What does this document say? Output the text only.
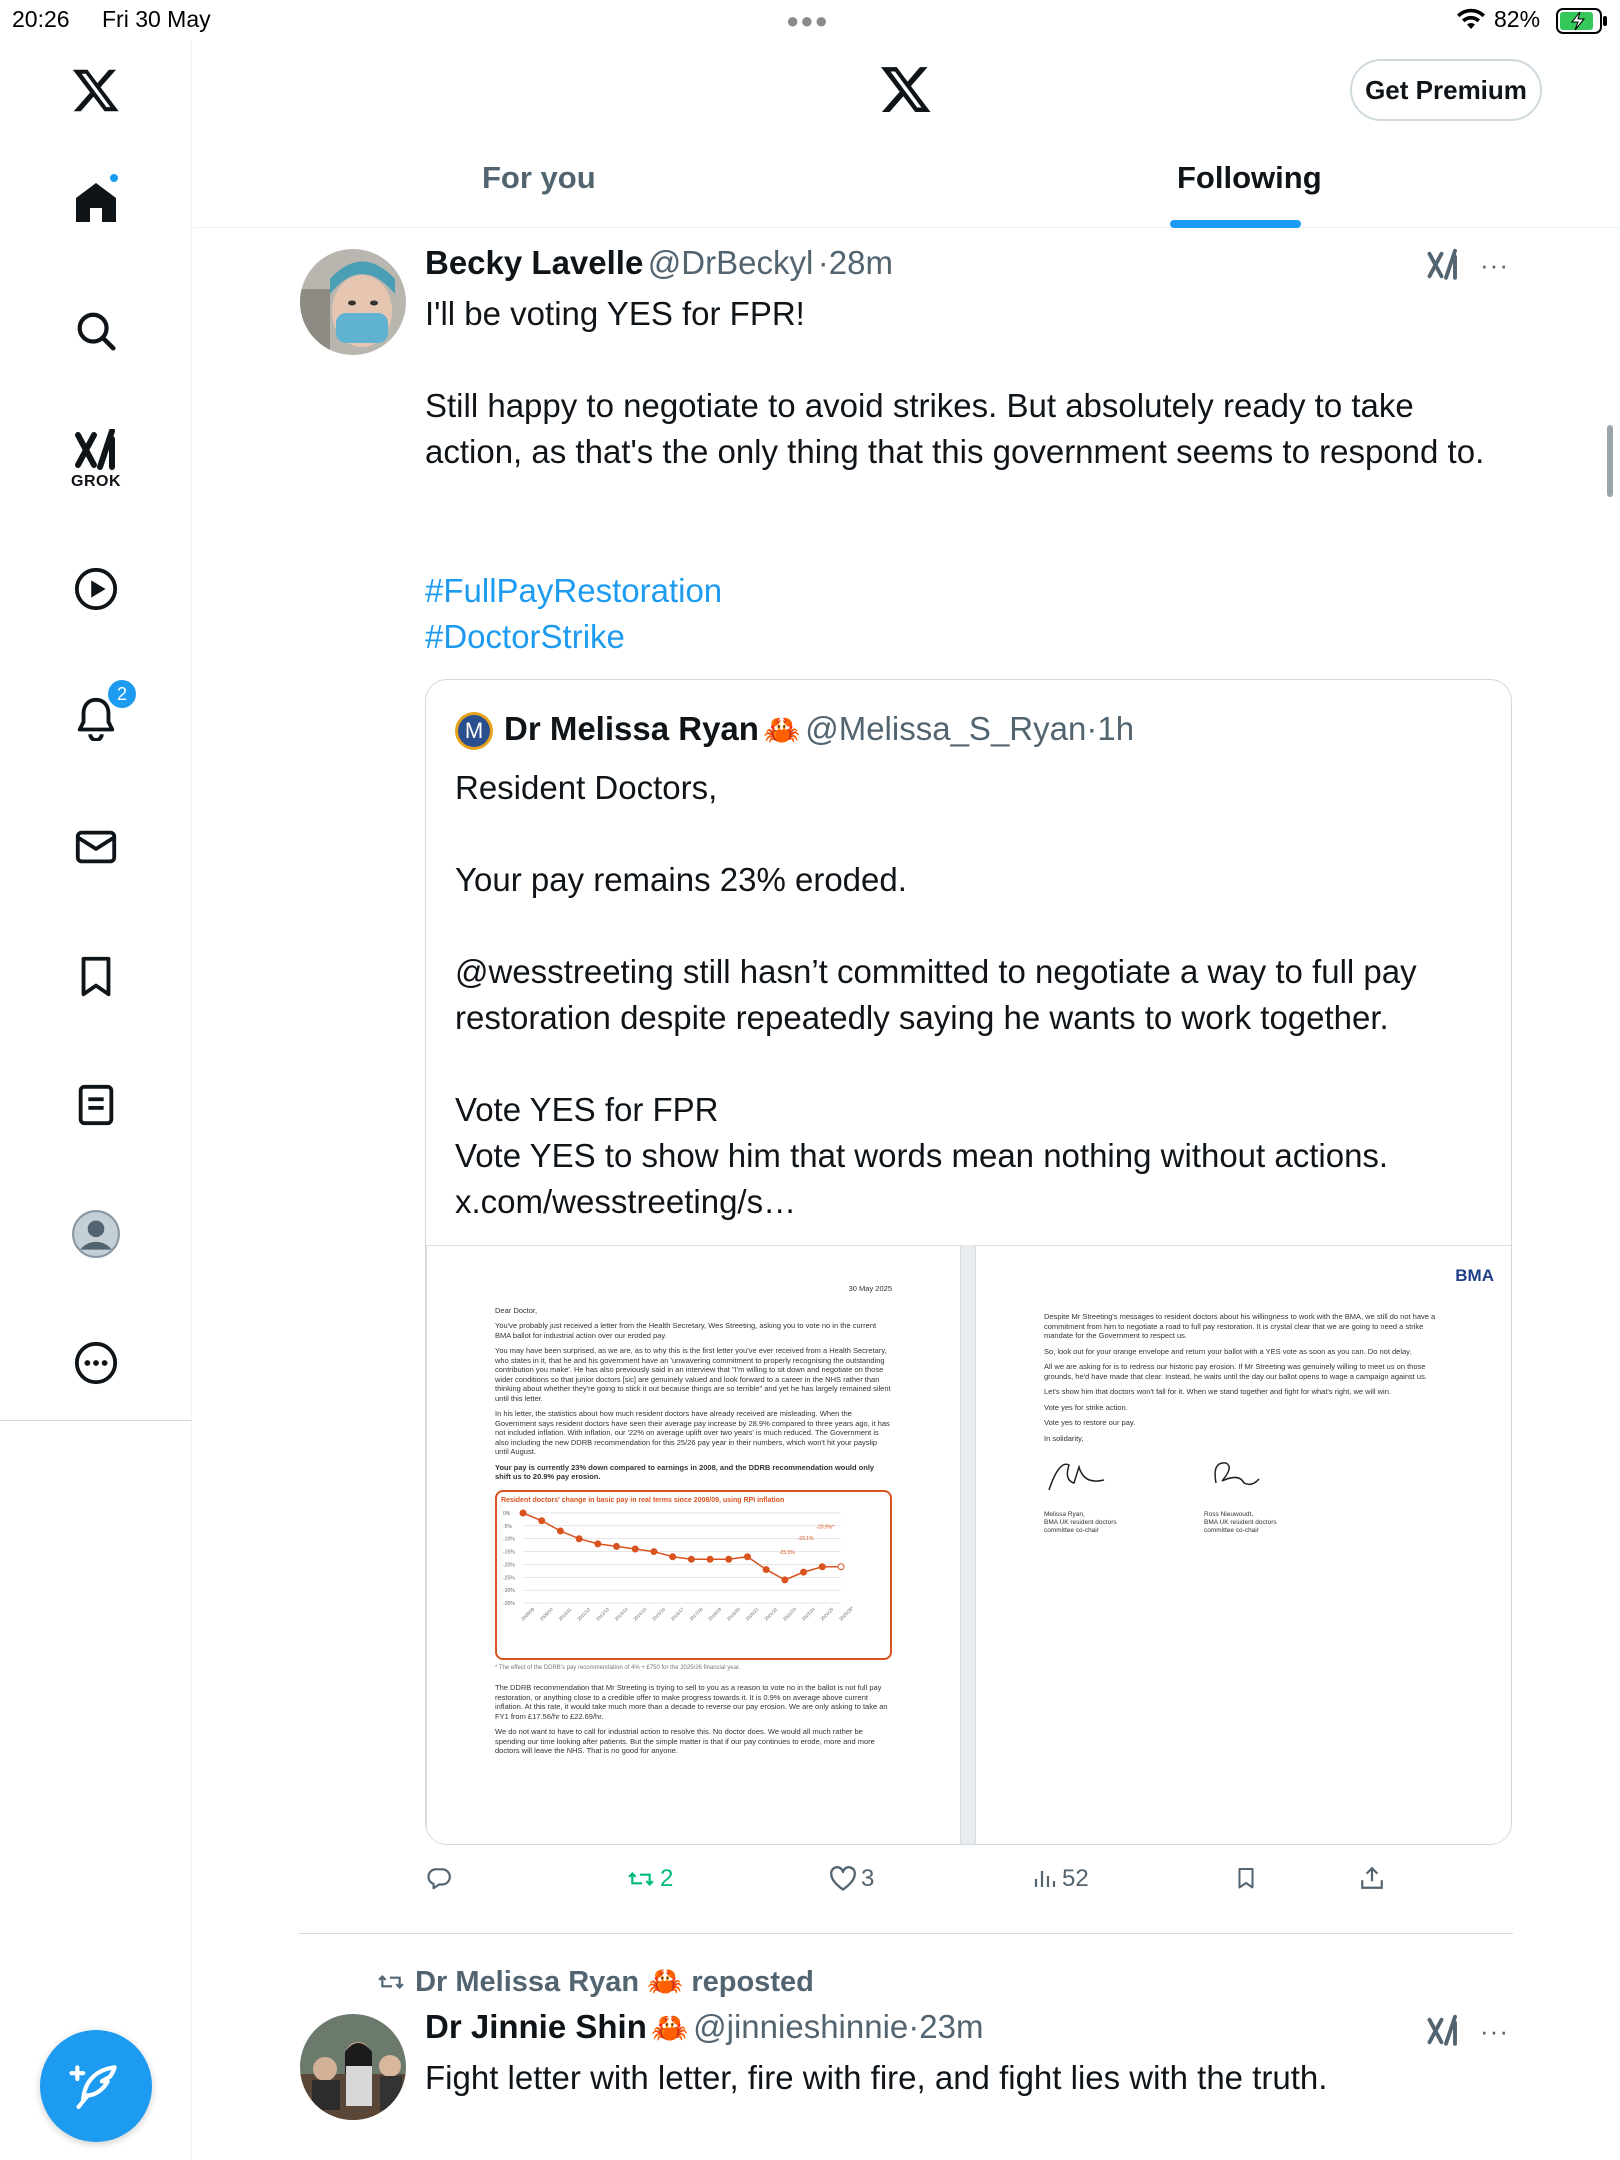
20:26 Fri 30 May	●●●	82%
GROK
2
Get Premium
For you	Following
Becky Lavelle @DrBeckyl ·28m	···
I'll be voting YES for FPR!

Still happy to negotiate to avoid strikes. But absolutely ready to take action, as that's the only thing that this government seems to respond to.
#FullPayRestoration
#DoctorStrike
M Dr Melissa Ryan 🦀 @Melissa_S_Ryan·1h
Resident Doctors,

Your pay remains 23% eroded.

@wesstreeting still hasn’t committed to negotiate a way to full pay restoration despite repeatedly saying he wants to work together.

Vote YES for FPR
Vote YES to show him that words mean nothing without actions.
x.com/wesstreeting/s…
30 May 2025
Dear Doctor,
You've probably just received a letter from the Health Secretary, Wes Streeting, asking you to vote no in the current BMA ballot for industrial action over our eroded pay.
You may have been surprised, as we are, as to why this is the first letter you've ever received from a Health Secretary, who states in it, that he and his government have an 'unwavering commitment to properly recognising the outstanding contribution you make'. He has also previously said in an interview that "I'm willing to sit down and negotiate on those wider conditions so that junior doctors [sic] are genuinely valued and look forward to a career in the NHS rather than thinking about whether they're going to stick it out because things are so terrible" and yet he has largely remained silent until this letter.
In his letter, the statistics about how much resident doctors have already received are misleading. When the Government says resident doctors have seen their average pay increase by 28.9% compared to three years ago, it has not included inflation. With inflation, our '22% on average uplift over two years' is much reduced. The Government is also including the new DDRB recommendation for this 25/26 pay year in their numbers, which won't hit your payslip until August.
Your pay is currently 23% down compared to earnings in 2008, and the DDRB recommendation would only shift us to 20.9% pay erosion.
Resident doctors' change in basic pay in real terms since 2008/09, using RPI inflation
0%
-5%
-10%
-15%
-20%
-25%
-30%
-35%
2008/09 2009/10 2010/11 2011/12 2012/13 2013/14 2014/15 2015/16 2016/17 2017/18 2018/19 2019/20 2020/21 2021/22 2022/23 2023/24 2024/25 2025/26*
-20.9%*
-23.1%
-25.5%
* The effect of the DDRB's pay recommendation of 4% + £750 for the 2025/26 financial year.
The DDRB recommendation that Mr Streeting is trying to sell to you as a reason to vote no in the ballot is not full pay restoration, or anything close to a credible offer to make progress towards it. It is 0.9% on average above current inflation. At this rate, it would take much more than a decade to reverse our pay erosion. We are only asking to take an FY1 from £17.56/hr to £22.69/hr.
We do not want to have to call for industrial action to resolve this. No doctor does. We would all much rather be spending our time looking after patients. But the simple matter is that if our pay continues to erode, more and more doctors will leave the NHS. That is no good for anyone.
BMA
Despite Mr Streeting's messages to resident doctors about his willingness to work with the BMA, we still do not have a commitment from him to negotiate a road to full pay restoration. It is crystal clear that we are going to need a strike mandate for the Government to respect us.
So, look out for your orange envelope and return your ballot with a YES vote as soon as you can. Do not delay.
All we are asking for is to redress our historic pay erosion. If Mr Streeting was genuinely willing to meet us on those grounds, he'd have made that clear. Instead, he waits until the day our ballot opens to wage a campaign against us.
Let's show him that doctors won't fall for it. When we stand together and fight for what's right, we will win.
Vote yes for strike action.
Vote yes to restore our pay.
In solidarity,
Melissa Ryan,
BMA UK resident doctors
committee co-chair
Ross Nieuwoudt,
BMA UK resident doctors
committee co-chair
2	3	52
Dr Melissa Ryan 🦀 reposted
Dr Jinnie Shin 🦀 @jinnieshinnie·23m	···
Fight letter with letter, fire with fire, and fight lies with the truth.
